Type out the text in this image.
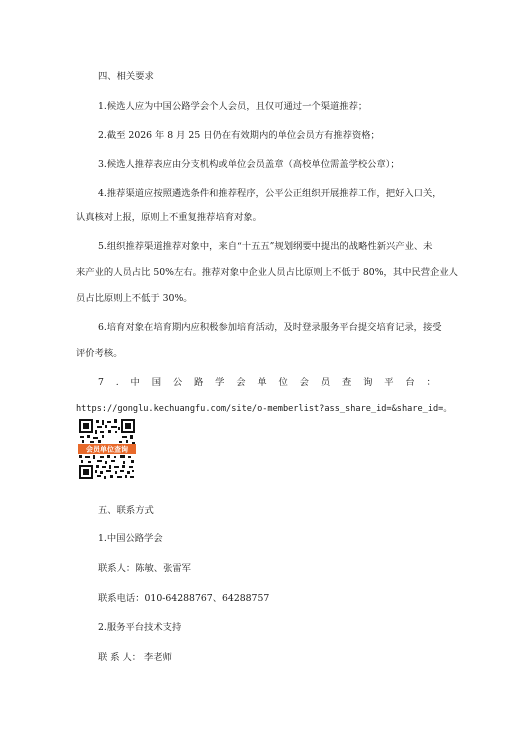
四、相关要求
1.候选人应为中国公路学会个人会员，且仅可通过一个渠道推荐；
2.截至 2026 年 8 月 25 日仍在有效期内的单位会员方有推荐资格；
3.候选人推荐表应由分支机构或单位会员盖章（高校单位需盖学校公章）；
4.推荐渠道应按照遴选条件和推荐程序，公平公正组织开展推荐工作，把好入口关，
认真核对上报，原则上不重复推荐培育对象。
5.组织推荐渠道推荐对象中，来自“十五五”规划纲要中提出的战略性新兴产业、未
来产业的人员占比 50%左右。推荐对象中企业人员占比原则上不低于 80%，其中民营企业人
员占比原则上不低于 30%。
6.培育对象在培育期内应积极参加培育活动，及时登录服务平台提交培育记录，接受
评价考核。
7 . 中 国 公 路 学 会 单 位 会 员 查 询 平 台 ：
https://gonglu.kechuangfu.com/site/o-memberlist?ass_share_id=&share_id=。
会员单位查询
五、联系方式
1.中国公路学会
联系人：陈敏、张雷军
联系电话：010-64288767、64288757
2.服务平台技术支持
联 系 人： 李老师
